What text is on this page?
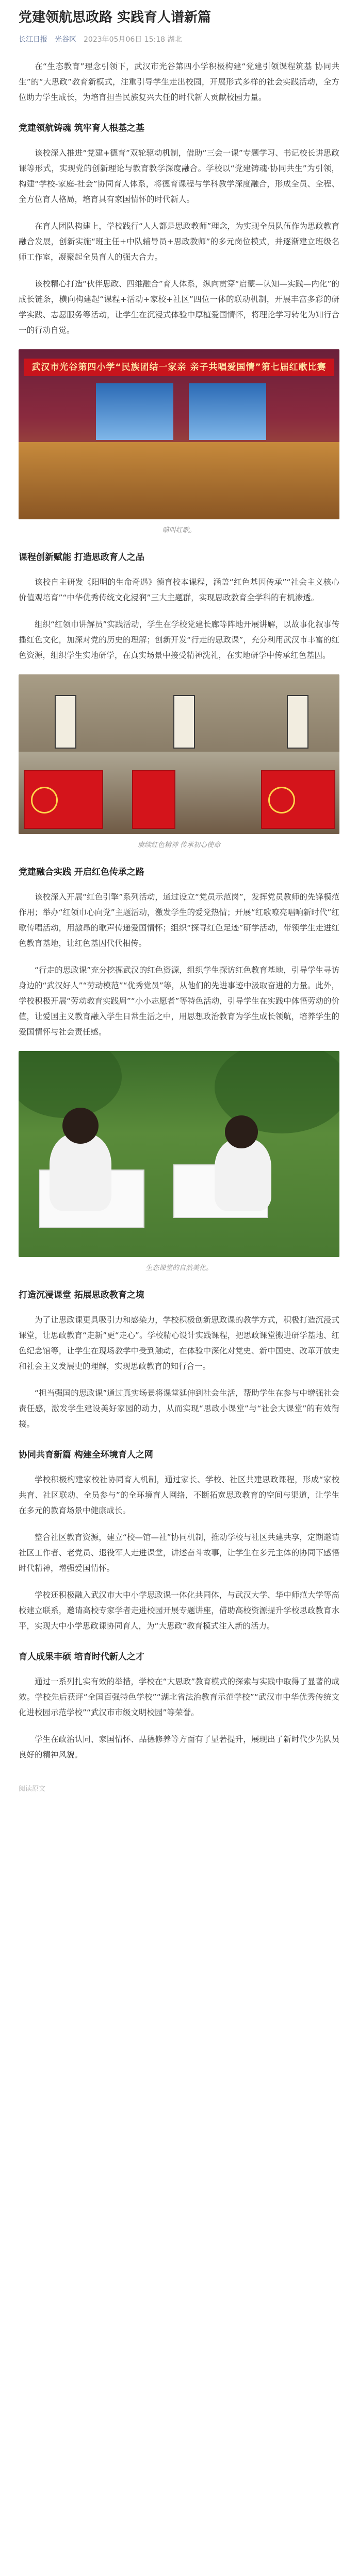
党建领航思政路 实践育人谱新篇
长江日报 光谷区 2023年05月06日 15:18 湖北

在“生态教育”理念引领下，武汉市光谷第四小学积极构建“党建引领课程筑基 协同共生”的“大思政”教育新模式，注重引导学生走出校园，开展形式多样的社会实践活动，全方位助力学生成长，为培育担当民族复兴大任的时代新人贡献校园力量。

党建领航铸魂 筑牢育人根基之基

该校深入推进“党建+德育”双轮驱动机制，借助“三会一课”专题学习、书记校长讲思政课等形式，实现党的创新理论与教育教学深度融合。学校以“党建铸魂·协同共生”为引领，构建“学校-家庭-社会”协同育人体系，将德育课程与学科教学深度融合，形成全员、全程、全方位育人格局，培育具有家国情怀的时代新人。

在育人团队构建上，学校践行“人人都是思政教师”理念，为实现全员队伍作为思政教育融合发展，创新实施“班主任+中队辅导员+思政教师”的多元岗位模式，并逐渐建立班级名师工作室，凝聚起全员育人的强大合力。

该校精心打造“伙伴思政、四维融合”育人体系，纵向贯穿“启蒙—认知—实践—内化”的成长链条，横向构建起“课程+活动+家校+社区”四位一体的联动机制，开展丰富多彩的研学实践、志愿服务等活动，让学生在沉浸式体验中厚植爱国情怀，将理论学习转化为知行合一的行动自觉。

武汉市光谷第四小学“民族团结一家亲 亲子共唱爱国情”第七届红歌比赛
喵叫红歌。
课程创新赋能 打造思政育人之品

该校自主研发《阳明的生命奇遇》德育校本课程，涵盖“红色基因传承”“社会主义核心价值观培育”“中华优秀传统文化浸润”三大主题群，实现思政教育全学科的有机渗透。

组织“红领巾讲解员”实践活动，学生在学校党建长廊等阵地开展讲解，以故事化叙事传播红色文化，加深对党的历史的理解；创新开发“行走的思政课”，充分利用武汉市丰富的红色资源，组织学生实地研学，在真实场景中接受精神洗礼，在实地研学中传承红色基因。

赓续红色精神 传承初心使命
党建融合实践 开启红色传承之路

该校深入开展“红色引擎”系列活动，通过设立“党员示范岗”，发挥党员教师的先锋模范作用；举办“红领巾心向党”主题活动，激发学生的爱党热情；开展“红歌嘹亮唱响新时代”红歌传唱活动，用激昂的歌声传递爱国情怀；组织“探寻红色足迹”研学活动，带领学生走进红色教育基地，让红色基因代代相传。

“行走的思政课”充分挖掘武汉的红色资源，组织学生探访红色教育基地，引导学生寻访身边的“武汉好人”“劳动模范”“优秀党员”等，从他们的先进事迹中汲取奋进的力量。此外，学校积极开展“劳动教育实践周”“小小志愿者”等特色活动，引导学生在实践中体悟劳动的价值，让爱国主义教育融入学生日常生活之中，用思想政治教育为学生成长领航，培养学生的爱国情怀与社会责任感。

生态课堂的自然美化。
打造沉浸课堂 拓展思政教育之境

为了让思政课更具吸引力和感染力，学校积极创新思政课的教学方式，积极打造沉浸式课堂，让思政教育“走新”更“走心”。学校精心设计实践课程，把思政课堂搬进研学基地、红色纪念馆等，让学生在现场教学中受到触动，在体验中深化对党史、新中国史、改革开放史和社会主义发展史的理解，实现思政教育的知行合一。

“担当强国的思政课”通过真实场景将课堂延伸到社会生活，帮助学生在参与中增强社会责任感，激发学生建设美好家园的动力，从而实现“思政小课堂”与“社会大课堂”的有效衔接。

协同共育新篇 构建全环境育人之网

学校积极构建家校社协同育人机制，通过家长、学校、社区共建思政课程，形成“家校共育、社区联动、全员参与”的全环境育人网络，不断拓宽思政教育的空间与渠道，让学生在多元的教育场景中健康成长。

整合社区教育资源，建立“校—馆—社”协同机制，推动学校与社区共建共享，定期邀请社区工作者、老党员、退役军人走进课堂，讲述奋斗故事，让学生在多元主体的协同下感悟时代精神，增强爱国情怀。

学校还积极融入武汉市大中小学思政课一体化共同体，与武汉大学、华中师范大学等高校建立联系，邀请高校专家学者走进校园开展专题讲座，借助高校资源提升学校思政教育水平，实现大中小学思政课协同育人，为“大思政”教育模式注入新的活力。

育人成果丰硕 培育时代新人之才

通过一系列扎实有效的举措，学校在“大思政”教育模式的探索与实践中取得了显著的成效。学校先后获评“全国百强特色学校”“湖北省法治教育示范学校”“武汉市中华优秀传统文化进校园示范学校”“武汉市市级文明校园”等荣誉。

学生在政治认同、家国情怀、品德修养等方面有了显著提升，展现出了新时代少先队员良好的精神风貌。

阅读原文
